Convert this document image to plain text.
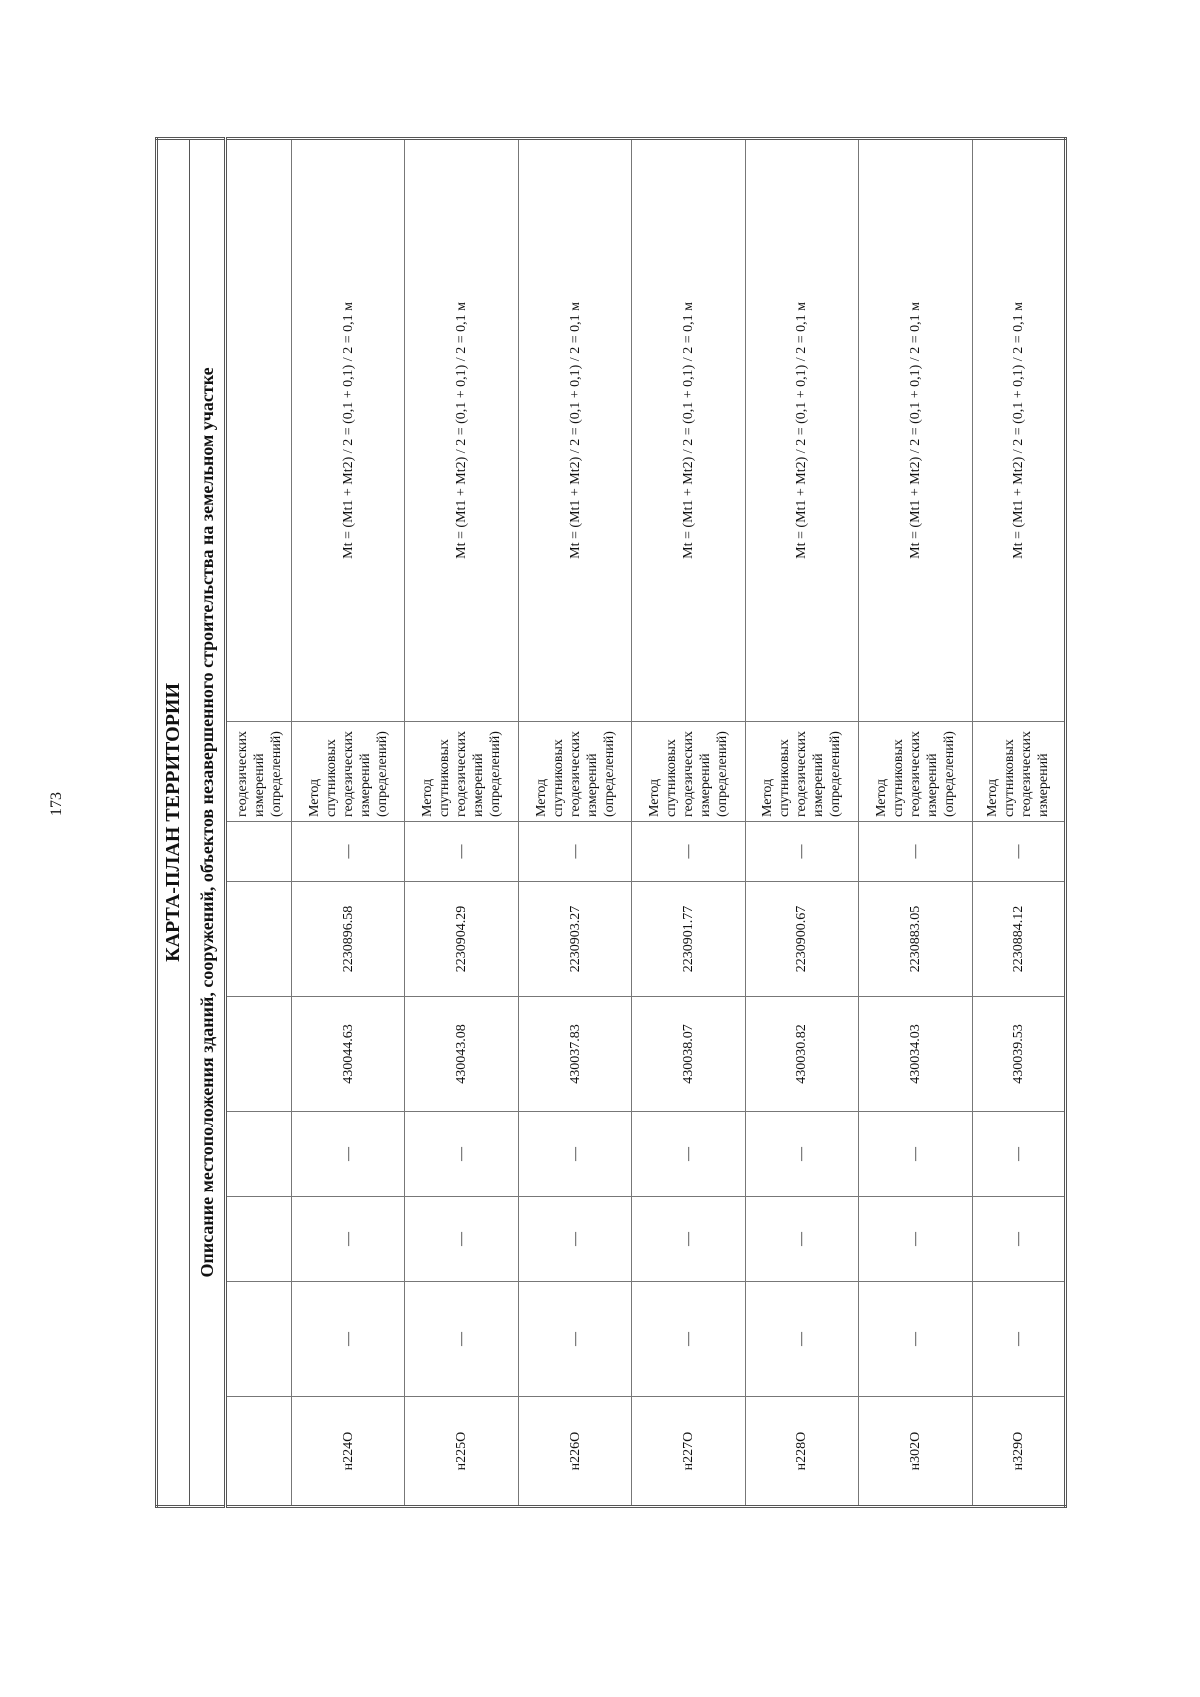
173	КАРТА-ПЛАН ТЕРРИТОРИИ								
Описание местоположения зданий, сооружений, объектов незавершенного строительства на земельном участке								
							геодезических измерений (определений)	
н224О	—	—	—	430044.63	2230896.58	—	Метод спутниковых геодезических измерений (определений)	Mt = (Mt1 + Mt2) / 2 = (0,1 + 0,1) / 2 = 0,1 м
н225О	—	—	—	430043.08	2230904.29	—	Метод спутниковых геодезических измерений (определений)	Mt = (Mt1 + Mt2) / 2 = (0,1 + 0,1) / 2 = 0,1 м
н226О	—	—	—	430037.83	2230903.27	—	Метод спутниковых геодезических измерений (определений)	Mt = (Mt1 + Mt2) / 2 = (0,1 + 0,1) / 2 = 0,1 м
н227О	—	—	—	430038.07	2230901.77	—	Метод спутниковых геодезических измерений (определений)	Mt = (Mt1 + Mt2) / 2 = (0,1 + 0,1) / 2 = 0,1 м
н228О	—	—	—	430030.82	2230900.67	—	Метод спутниковых геодезических измерений (определений)	Mt = (Mt1 + Mt2) / 2 = (0,1 + 0,1) / 2 = 0,1 м
н302О	—	—	—	430034.03	2230883.05	—	Метод спутниковых геодезических измерений (определений)	Mt = (Mt1 + Mt2) / 2 = (0,1 + 0,1) / 2 = 0,1 м
н329О	—	—	—	430039.53	2230884.12	—	Метод спутниковых геодезических измерений	Mt = (Mt1 + Mt2) / 2 = (0,1 + 0,1) / 2 = 0,1 м
